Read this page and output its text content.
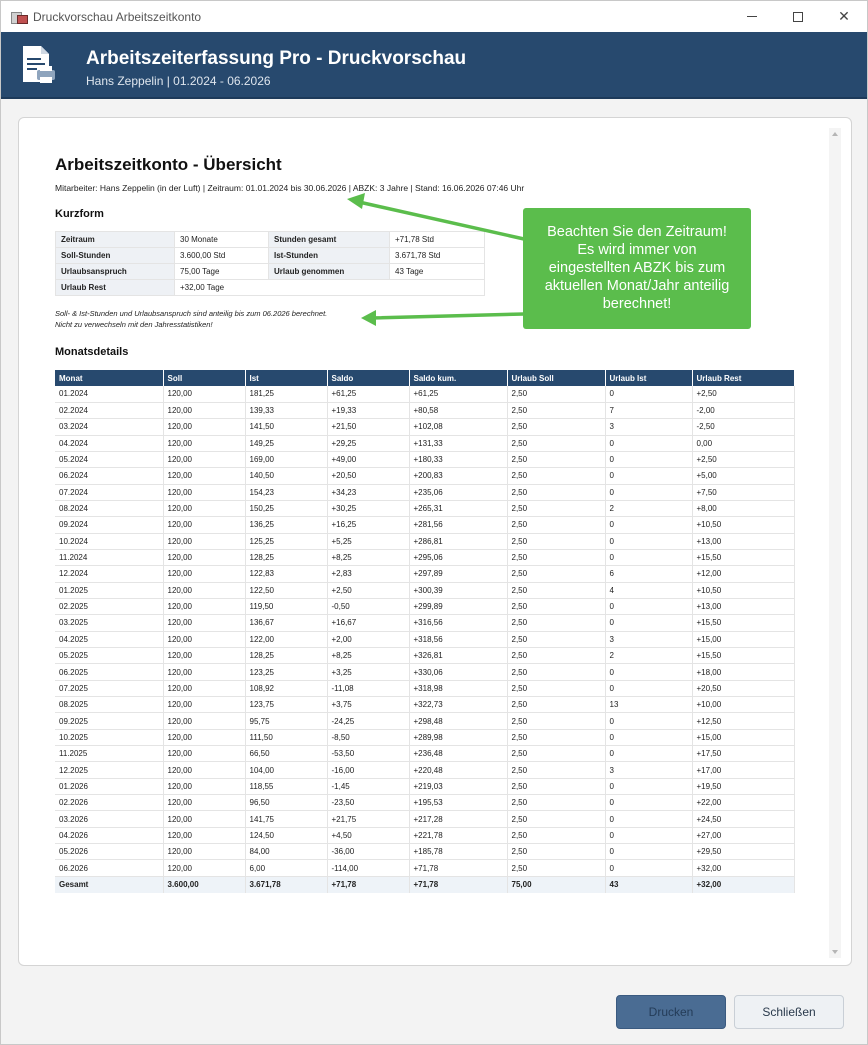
Druckvorschau Arbeitszeitkonto	✕
Arbeitszeiterfassung Pro - Druckvorschau
Hans Zeppelin | 01.2024 - 06.2026
Arbeitszeitkonto - Übersicht
Mitarbeiter: Hans Zeppelin (in der Luft) | Zeitraum: 01.01.2024 bis 30.06.2026 | ABZK: 3 Jahre | Stand: 16.06.2026 07:46 Uhr
Kurzform
Zeitraum	30 Monate	Stunden gesamt	+71,78 Std
Soll-Stunden	3.600,00 Std	Ist-Stunden	3.671,78 Std
Urlaubsanspruch	75,00 Tage	Urlaub genommen	43 Tage
Urlaub Rest	+32,00 Tage		
Soll- & Ist-Stunden und Urlaubsanspruch sind anteilig bis zum 06.2026 berechnet.
Nicht zu verwechseln mit den Jahresstatistiken!
Monatsdetails
Monat	Soll	Ist	Saldo	Saldo kum.	Urlaub Soll	Urlaub Ist	Urlaub Rest
01.2024	120,00	181,25	+61,25	+61,25	2,50	0	+2,50
02.2024	120,00	139,33	+19,33	+80,58	2,50	7	-2,00
03.2024	120,00	141,50	+21,50	+102,08	2,50	3	-2,50
04.2024	120,00	149,25	+29,25	+131,33	2,50	0	0,00
05.2024	120,00	169,00	+49,00	+180,33	2,50	0	+2,50
06.2024	120,00	140,50	+20,50	+200,83	2,50	0	+5,00
07.2024	120,00	154,23	+34,23	+235,06	2,50	0	+7,50
08.2024	120,00	150,25	+30,25	+265,31	2,50	2	+8,00
09.2024	120,00	136,25	+16,25	+281,56	2,50	0	+10,50
10.2024	120,00	125,25	+5,25	+286,81	2,50	0	+13,00
11.2024	120,00	128,25	+8,25	+295,06	2,50	0	+15,50
12.2024	120,00	122,83	+2,83	+297,89	2,50	6	+12,00
01.2025	120,00	122,50	+2,50	+300,39	2,50	4	+10,50
02.2025	120,00	119,50	-0,50	+299,89	2,50	0	+13,00
03.2025	120,00	136,67	+16,67	+316,56	2,50	0	+15,50
04.2025	120,00	122,00	+2,00	+318,56	2,50	3	+15,00
05.2025	120,00	128,25	+8,25	+326,81	2,50	2	+15,50
06.2025	120,00	123,25	+3,25	+330,06	2,50	0	+18,00
07.2025	120,00	108,92	-11,08	+318,98	2,50	0	+20,50
08.2025	120,00	123,75	+3,75	+322,73	2,50	13	+10,00
09.2025	120,00	95,75	-24,25	+298,48	2,50	0	+12,50
10.2025	120,00	111,50	-8,50	+289,98	2,50	0	+15,00
11.2025	120,00	66,50	-53,50	+236,48	2,50	0	+17,50
12.2025	120,00	104,00	-16,00	+220,48	2,50	3	+17,00
01.2026	120,00	118,55	-1,45	+219,03	2,50	0	+19,50
02.2026	120,00	96,50	-23,50	+195,53	2,50	0	+22,00
03.2026	120,00	141,75	+21,75	+217,28	2,50	0	+24,50
04.2026	120,00	124,50	+4,50	+221,78	2,50	0	+27,00
05.2026	120,00	84,00	-36,00	+185,78	2,50	0	+29,50
06.2026	120,00	6,00	-114,00	+71,78	2,50	0	+32,00
Gesamt	3.600,00	3.671,78	+71,78	+71,78	75,00	43	+32,00
Beachten Sie den Zeitraum!
Es wird immer von
eingestellten ABZK bis zum
aktuellen Monat/Jahr anteilig
berechnet!
Drucken	Schließen
